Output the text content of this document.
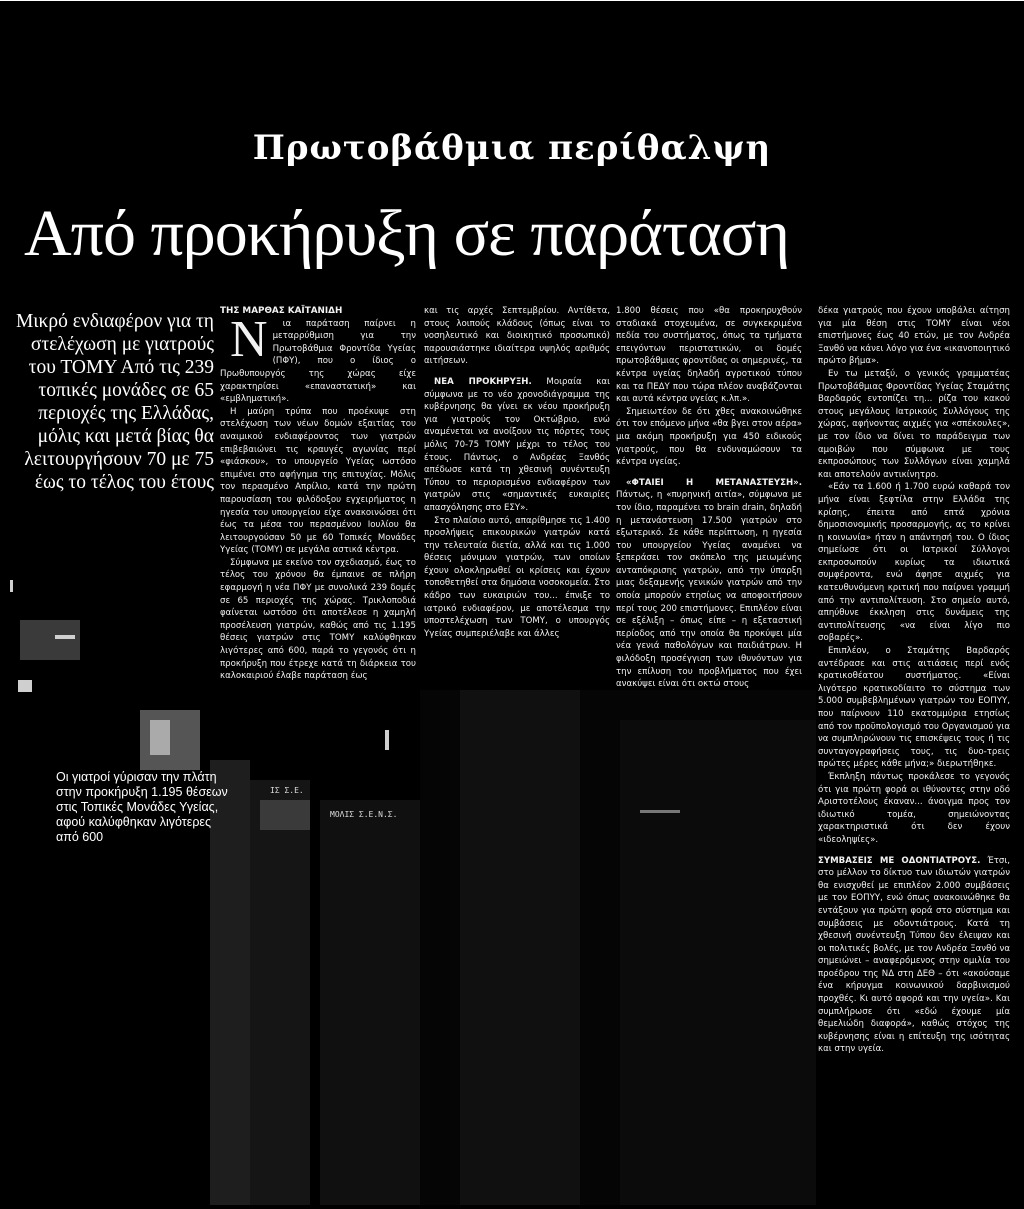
Πρωτοβάθμια περίθαλψη
Από προκήρυξη σε παράταση
Μικρό ενδιαφέρον για τη στελέχωση με γιατρούς του ΤΟΜΥ Από τις 239 τοπικές μονάδες σε 65 περιοχές της Ελλάδας, μόλις και μετά βίας θα λειτουργήσουν 70 με 75 έως το τέλος του έτους
ΙΣ Σ.Ε.
ΜΟΛΙΣ Σ.Ε.Ν.Σ.
Οι γιατροί γύρισαν την πλάτη στην προκήρυξη 1.195 θέσεων στις Τοπικές Μονάδες Υγείας, αφού καλύφθηκαν λιγότερες από 600

ΤΗΣ ΜΑΡΘΑΣ ΚΑΪΤΑΝΙΔΗ

Ν	ια παράταση παίρνει η μεταρρύθμιση για την Πρωτοβάθμια Φροντίδα Υγείας (ΠΦΥ), που ο ίδιος ο Πρωθυπουργός της χώρας είχε χαρακτηρίσει «επαναστατική» και «εμβληματική».

Η μαύρη τρύπα που προέκυψε στη στελέχωση των νέων δομών εξαιτίας του αναιμικού ενδιαφέροντος των γιατρών επιβεβαιώνει τις κραυγές αγωνίας περί «φιάσκου», το υπουργείο Υγείας ωστόσο επιμένει στο αφήγημα της επιτυχίας. Μόλις τον περασμένο Απρίλιο, κατά την πρώτη παρουσίαση του φιλόδοξου εγχειρήματος η ηγεσία του υπουργείου είχε ανακοινώσει ότι έως τα μέσα του περασμένου Ιουλίου θα λειτουργούσαν 50 με 60 Τοπικές Μονάδες Υγείας (ΤΟΜΥ) σε μεγάλα αστικά κέντρα.

Σύμφωνα με εκείνο τον σχεδιασμό, έως το τέλος του χρόνου θα έμπαινε σε πλήρη εφαρμογή η νέα ΠΦΥ με συνολικά 239 δομές σε 65 περιοχές της χώρας. Τρικλοποδιά φαίνεται ωστόσο ότι αποτέλεσε η χαμηλή προσέλευση γιατρών, καθώς από τις 1.195 θέσεις γιατρών στις ΤΟΜΥ καλύφθηκαν λιγότερες από 600, παρά το γεγονός ότι η προκήρυξη που έτρεχε κατά τη διάρκεια του καλοκαιριού έλαβε παράταση έως

και τις αρχές Σεπτεμβρίου. Αντίθετα, στους λοιπούς κλάδους (όπως είναι το νοσηλευτικό και διοικητικό προσωπικό) παρουσιάστηκε ιδιαίτερα υψηλός αριθμός αιτήσεων.

ΝΕΑ ΠΡΟΚΗΡΥΞΗ. Μοιραία και σύμφωνα με το νέο χρονοδιάγραμμα της κυβέρνησης θα γίνει εκ νέου προκήρυξη για γιατρούς τον Οκτώβριο, ενώ αναμένεται να ανοίξουν τις πόρτες τους μόλις 70-75 ΤΟΜΥ μέχρι το τέλος του έτους. Πάντως, ο Ανδρέας Ξανθός απέδωσε κατά τη χθεσινή συνέντευξη Τύπου το περιορισμένο ενδιαφέρον των γιατρών στις «σημαντικές ευκαιρίες απασχόλησης στο ΕΣΥ».

Στο πλαίσιο αυτό, απαρίθμησε τις 1.400 προσλήψεις επικουρικών γιατρών κατά την τελευταία διετία, αλλά και τις 1.000 θέσεις μόνιμων γιατρών, των οποίων έχουν ολοκληρωθεί οι κρίσεις και έχουν τοποθετηθεί στα δημόσια νοσοκομεία. Στο κάδρο των ευκαιριών του... έπνιξε το ιατρικό ενδιαφέρον, με αποτέλεσμα την υποστελέχωση των ΤΟΜΥ, ο υπουργός Υγείας συμπεριέλαβε και άλλες

1.800 θέσεις που «θα προκηρυχθούν σταδιακά στοχευμένα, σε συγκεκριμένα πεδία του συστήματος, όπως τα τμήματα επειγόντων περιστατικών, οι δομές πρωτοβάθμιας φροντίδας οι σημερινές, τα κέντρα υγείας δηλαδή αγροτικού τύπου και τα ΠΕΔΥ που τώρα πλέον αναβάζονται και αυτά κέντρα υγείας κ.λπ.».

Σημειωτέον δε ότι χθες ανακοινώθηκε ότι τον επόμενο μήνα «θα βγει στον αέρα» μια ακόμη προκήρυξη για 450 ειδικούς γιατρούς, που θα ενδυναμώσουν τα κέντρα υγείας.

«ΦΤΑΙΕΙ Η ΜΕΤΑΝΑΣΤΕΥΣΗ». Πάντως, η «πυρηνική αιτία», σύμφωνα με τον ίδιο, παραμένει το brain drain, δηλαδή η μετανάστευση 17.500 γιατρών στο εξωτερικό. Σε κάθε περίπτωση, η ηγεσία του υπουργείου Υγείας αναμένει να ξεπεράσει τον σκόπελο της μειωμένης ανταπόκρισης γιατρών, από την ύπαρξη μιας δεξαμενής γενικών γιατρών από την οποία μπορούν ετησίως να αποφοιτήσουν περί τους 200 επιστήμονες. Επιπλέον είναι σε εξέλιξη – όπως είπε – η εξεταστική περίοδος από την οποία θα προκύψει μία νέα γενιά παθολόγων και παιδιάτρων. Η φιλόδοξη προσέγγιση των ιθυνόντων για την επίλυση του προβλήματος που έχει ανακύψει είναι ότι οκτώ στους

δέκα γιατρούς που έχουν υποβάλει αίτηση για μία θέση στις ΤΟΜΥ είναι νέοι επιστήμονες έως 40 ετών, με τον Ανδρέα Ξανθό να κάνει λόγο για ένα «ικανοποιητικό πρώτο βήμα».

Εν τω μεταξύ, ο γενικός γραμματέας Πρωτοβάθμιας Φροντίδας Υγείας Σταμάτης Βαρδαρός εντοπίζει τη... ρίζα του κακού στους μεγάλους Ιατρικούς Συλλόγους της χώρας, αφήνοντας αιχμές για «σπέκουλες», με τον ίδιο να δίνει το παράδειγμα των αμοιβών που σύμφωνα με τους εκπροσώπους των Συλλόγων είναι χαμηλά και αποτελούν αντικίνητρο.

«Εάν τα 1.600 ή 1.700 ευρώ καθαρά τον μήνα είναι ξεφτίλα στην Ελλάδα της κρίσης, έπειτα από επτά χρόνια δημοσιονομικής προσαρμογής, ας το κρίνει η κοινωνία» ήταν η απάντησή του. Ο ίδιος σημείωσε ότι οι Ιατρικοί Σύλλογοι εκπροσωπούν κυρίως τα ιδιωτικά συμφέροντα, ενώ άφησε αιχμές για κατευθυνόμενη κριτική που παίρνει γραμμή από την αντιπολίτευση. Στο σημείο αυτό, απηύθυνε έκκληση στις δυνάμεις της αντιπολίτευσης «να είναι λίγο πιο σοβαρές».

Επιπλέον, ο Σταμάτης Βαρδαρός αντέδρασε και στις αιτιάσεις περί ενός κρατικοθέατου συστήματος. «Είναι λιγότερο κρατικοδίαιτο το σύστημα των 5.000 συμβεβλημένων γιατρών του ΕΟΠΥΥ, που παίρνουν 110 εκατομμύρια ετησίως από τον προϋπολογισμό του Οργανισμού για να συμπληρώνουν τις επισκέψεις τους ή τις συνταγογραφήσεις τους, τις δυο-τρεις πρώτες μέρες κάθε μήνα;» διερωτήθηκε.

Έκπληξη πάντως προκάλεσε το γεγονός ότι για πρώτη φορά οι ιθύνοντες στην οδό Αριστοτέλους έκαναν... άνοιγμα προς τον ιδιωτικό τομέα, σημειώνοντας χαρακτηριστικά ότι δεν έχουν «ιδεοληψίες».

ΣΥΜΒΑΣΕΙΣ ΜΕ ΟΔΟΝΤΙΑΤΡΟΥΣ. Έτσι, στο μέλλον το δίκτυο των ιδιωτών γιατρών θα ενισχυθεί με επιπλέον 2.000 συμβάσεις με τον ΕΟΠΥΥ, ενώ όπως ανακοινώθηκε θα εντάξουν για πρώτη φορά στο σύστημα και συμβάσεις με οδοντιάτρους. Κατά τη χθεσινή συνέντευξη Τύπου δεν έλειψαν και οι πολιτικές βολές, με τον Ανδρέα Ξανθό να σημειώνει – αναφερόμενος στην ομιλία του προέδρου της ΝΔ στη ΔΕΘ – ότι «ακούσαμε ένα κήρυγμα κοινωνικού δαρβινισμού προχθές. Κι αυτό αφορά και την υγεία». Και συμπλήρωσε ότι «εδώ έχουμε μία θεμελιώδη διαφορά», καθώς στόχος της κυβέρνησης είναι η επίτευξη της ισότητας και στην υγεία.
